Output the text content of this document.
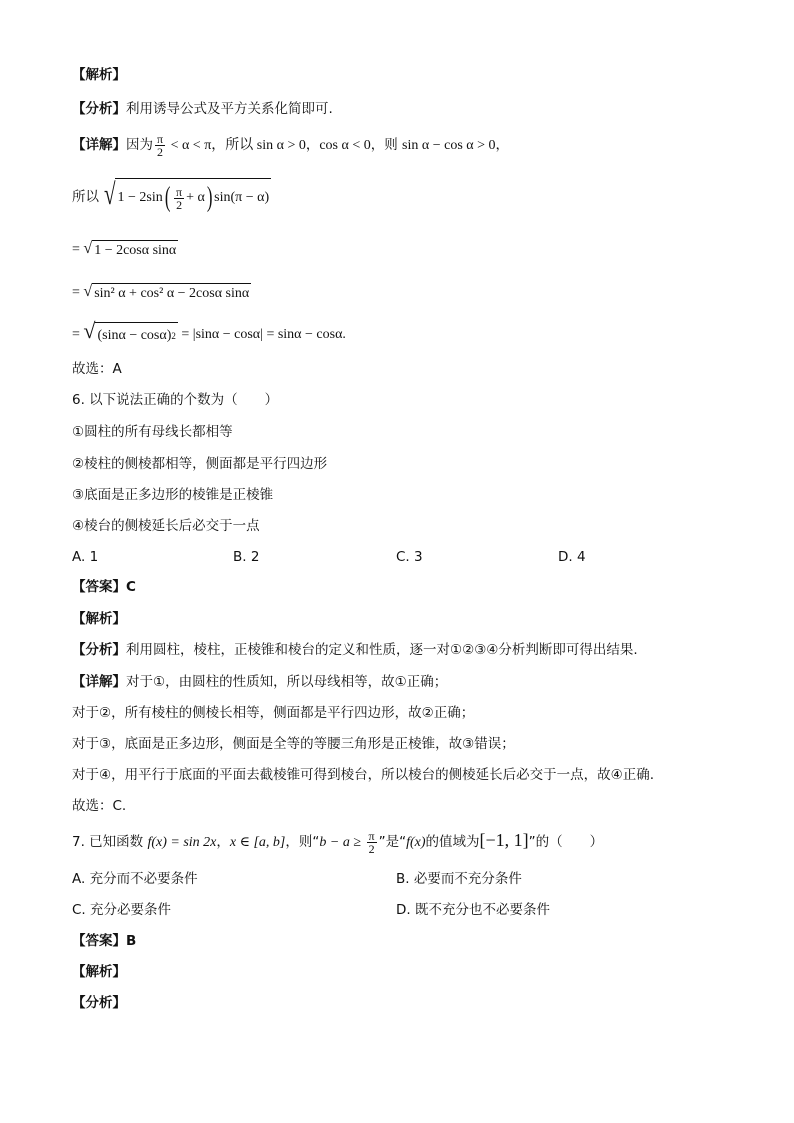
【解析】
【分析】利用诱导公式及平方关系化简即可.
【详解】因为 $\frac{\pi}{2} < \alpha < \pi$，所以 sin α > 0，cos α < 0，则 sin α − cos α > 0，
所以 √ 1 − 2sin ( $\frac{\pi}{2} + \alpha$ ) sin(π − α)
= √ 1 − 2cosα sinα
= √ sin² α + cos² α − 2cosα sinα
= √ (sinα − cosα) 2 = |sinα − cosα| = sinα − cosα.
故选：A
6. 以下说法正确的个数为（　　）
①圆柱的所有母线长都相等
②棱柱的侧棱都相等，侧面都是平行四边形
③底面是正多边形的棱锥是正棱锥
④棱台的侧棱延长后必交于一点
A. 1	B. 2	C. 3	D. 4
【答案】C
【解析】
【分析】利用圆柱，棱柱，正棱锥和棱台的定义和性质，逐一对①②③④分析判断即可得出结果.
【详解】对于①，由圆柱的性质知，所以母线相等，故①正确；
对于②，所有棱柱的侧棱长相等，侧面都是平行四边形，故②正确；
对于③，底面是正多边形，侧面是全等的等腰三角形是正棱锥，故③错误；
对于④，用平行于底面的平面去截棱锥可得到棱台，所以棱台的侧棱延长后必交于一点，故④正确.
故选：C.
7. 已知函数 f(x) = sin 2x，x ∈ [a, b]，则“$b - a \ge \frac{\pi}{2}$ ”是“f(x)的值域为[−1, 1]”的（　　）
A. 充分而不必要条件	B. 必要而不充分条件
C. 充分必要条件	D. 既不充分也不必要条件
【答案】B
【解析】
【分析】
